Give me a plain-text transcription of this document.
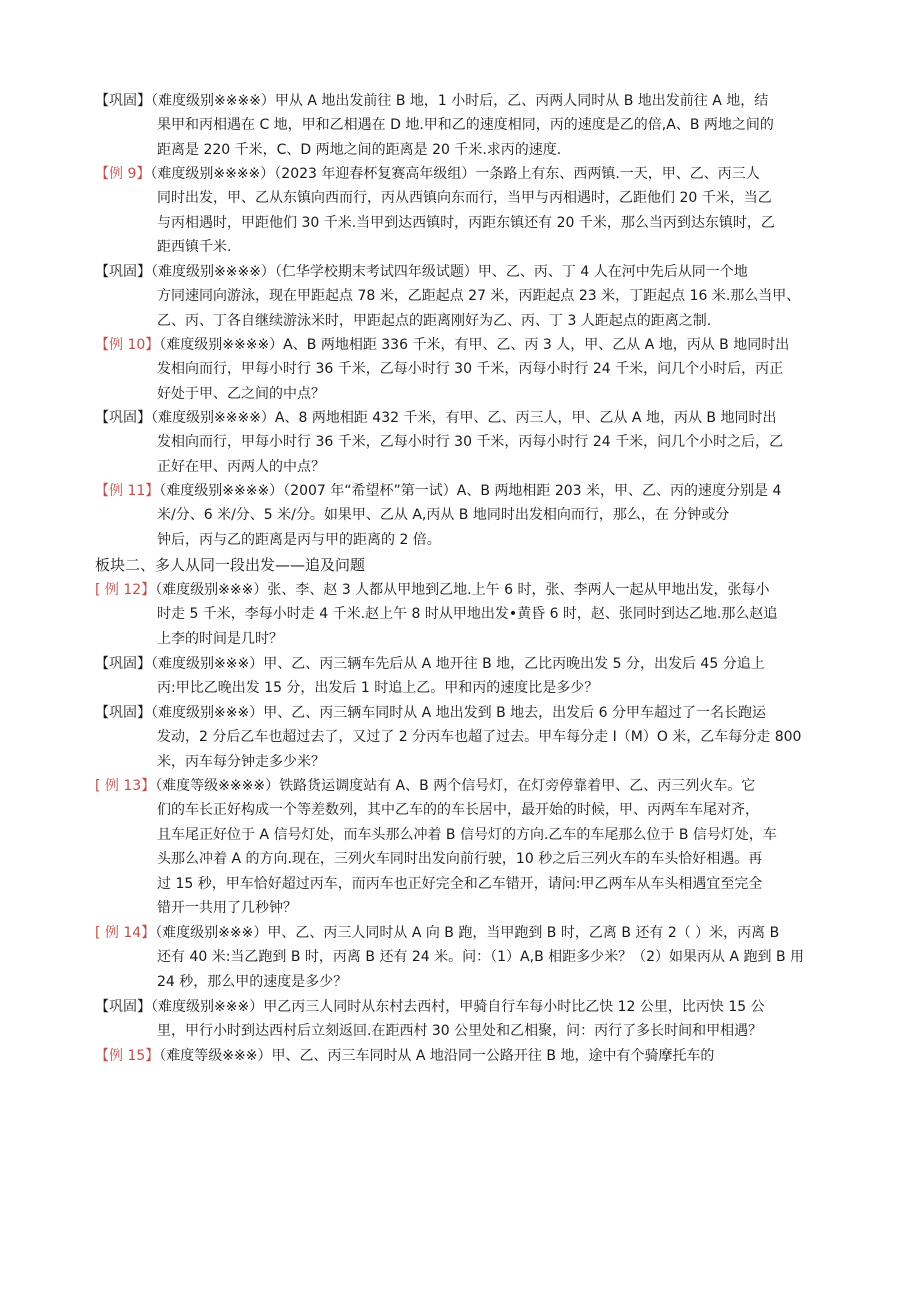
【巩固】（难度级别※※※※）甲从 A 地出发前往 B 地，1 小时后，乙、丙两人同时从 B 地出发前往 A 地，结
果甲和丙相遇在 C 地，甲和乙相遇在 D 地.甲和乙的速度相同，丙的速度是乙的倍,A、B 两地之间的
距离是 220 千米，C、D 两地之间的距离是 20 千米.求丙的速度.
【例 9】（难度级别※※※※）（2023 年迎春杯复赛高年级组）一条路上有东、西两镇.一天，甲、乙、丙三人
同时出发，甲、乙从东镇向西而行，丙从西镇向东而行，当甲与丙相遇时，乙距他们 20 千米，当乙
与丙相遇时，甲距他们 30 千米.当甲到达西镇时，丙距东镇还有 20 千米，那么当丙到达东镇时，乙
距西镇千米.
【巩固】（难度级别※※※※）（仁华学校期末考试四年级试题）甲、乙、丙、丁 4 人在河中先后从同一个地
方同速同向游泳，现在甲距起点 78 米，乙距起点 27 米，丙距起点 23 米，丁距起点 16 米.那么当甲、
乙、丙、丁各自继续游泳米时，甲距起点的距离刚好为乙、丙、丁 3 人距起点的距离之制.
【例 10】（难度级别※※※※）A、B 两地相距 336 千米，有甲、乙、丙 3 人，甲、乙从 A 地，丙从 B 地同时出
发相向而行，甲每小时行 36 千米，乙每小时行 30 千米，丙每小时行 24 千米，问几个小时后，丙正
好处于甲、乙之间的中点？
【巩固】（难度级别※※※※）A、8 两地相距 432 千米，有甲、乙、丙三人，甲、乙从 A 地，丙从 B 地同时出
发相向而行，甲每小时行 36 千米，乙每小时行 30 千米，丙每小时行 24 千米，问几个小时之后，乙
正好在甲、丙两人的中点？
【例 11】（难度级别※※※※）（2007 年“希望杯”第一试）A、B 两地相距 203 米，甲、乙、丙的速度分别是 4
米/分、6 米/分、5 米/分。如果甲、乙从 A,丙从 B 地同时出发相向而行，那么，在 分钟或分
钟后，丙与乙的距离是丙与甲的距离的 2 倍。
板块二、多人从同一段出发——追及问题
[ 例 12】（难度级别※※※）张、李、赵 3 人都从甲地到乙地.上午 6 时，张、李两人一起从甲地出发，张每小
时走 5 千米，李每小时走 4 千米.赵上午 8 时从甲地出发•黄昏 6 时，赵、张同时到达乙地.那么赵追
上李的时间是几时？
【巩固】（难度级别※※※）甲、乙、丙三辆车先后从 A 地开往 B 地，乙比丙晚出发 5 分，出发后 45 分追上
丙:甲比乙晚出发 15 分，出发后 1 时追上乙。甲和丙的速度比是多少？
【巩固】（难度级别※※※）甲、乙、丙三辆车同时从 A 地出发到 B 地去，出发后 6 分甲车超过了一名长跑运
发动，2 分后乙车也超过去了，又过了 2 分丙车也超了过去。甲车每分走 I（M）O 米，乙车每分走 800
米，丙车每分钟走多少米？
[ 例 13】（难度等级※※※※）铁路货运调度站有 A、B 两个信号灯，在灯旁停靠着甲、乙、丙三列火车。它
们的车长正好构成一个等差数列，其中乙车的的车长居中，最开始的时候，甲、丙两车车尾对齐，
且车尾正好位于 A 信号灯处，而车头那么冲着 B 信号灯的方向.乙车的车尾那么位于 B 信号灯处，车
头那么冲着 A 的方向.现在，三列火车同时出发向前行驶，10 秒之后三列火车的车头恰好相遇。再
过 15 秒，甲车恰好超过丙车，而丙车也正好完全和乙车错开，请问:甲乙两车从车头相遇宜至完全
错开一共用了几秒钟？
[ 例 14】（难度级别※※※）甲、乙、丙三人同时从 A 向 B 跑，当甲跑到 B 时，乙离 B 还有 2（ ）米，丙离 B
还有 40 米:当乙跑到 B 时，丙离 B 还有 24 米。问：（1）A,B 相距多少米？（2）如果丙从 A 跑到 B 用
24 秒，那么甲的速度是多少？
【巩固】（难度级别※※※）甲乙丙三人同时从东村去西村，甲骑自行车每小时比乙快 12 公里，比丙快 15 公
里，甲行小时到达西村后立刻返回.在距西村 30 公里处和乙相聚，问：丙行了多长时间和甲相遇？
【例 15】（难度等级※※※）甲、乙、丙三车同时从 A 地沿同一公路开往 B 地，途中有个骑摩托车的
